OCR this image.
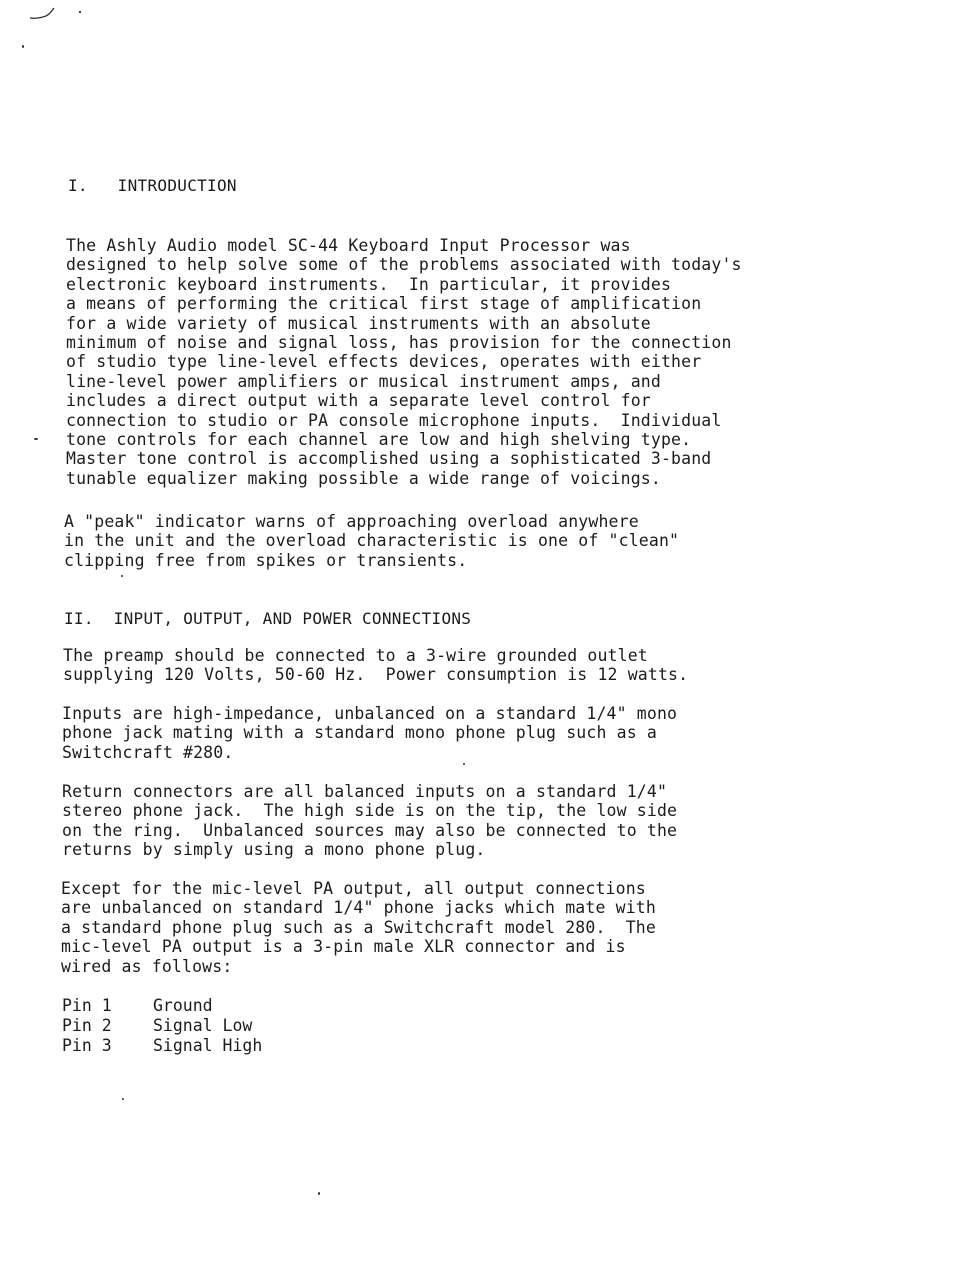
I.   INTRODUCTION

The Ashly Audio model SC-44 Keyboard Input Processor was
designed to help solve some of the problems associated with today's
electronic keyboard instruments.  In particular, it provides
a means of performing the critical first stage of amplification
for a wide variety of musical instruments with an absolute
minimum of noise and signal loss, has provision for the connection
of studio type line-level effects devices, operates with either
line-level power amplifiers or musical instrument amps, and
includes a direct output with a separate level control for
connection to studio or PA console microphone inputs.  Individual
tone controls for each channel are low and high shelving type.
Master tone control is accomplished using a sophisticated 3-band
tunable equalizer making possible a wide range of voicings.

A "peak" indicator warns of approaching overload anywhere
in the unit and the overload characteristic is one of "clean"
clipping free from spikes or transients.

II.  INPUT, OUTPUT, AND POWER CONNECTIONS

The preamp should be connected to a 3-wire grounded outlet
supplying 120 Volts, 50-60 Hz.  Power consumption is 12 watts.

Inputs are high-impedance, unbalanced on a standard 1/4" mono
phone jack mating with a standard mono phone plug such as a
Switchcraft #280.

Return connectors are all balanced inputs on a standard 1/4"
stereo phone jack.  The high side is on the tip, the low side
on the ring.  Unbalanced sources may also be connected to the
returns by simply using a mono phone plug.

Except for the mic-level PA output, all output connections
are unbalanced on standard 1/4" phone jacks which mate with
a standard phone plug such as a Switchcraft model 280.  The
mic-level PA output is a 3-pin male XLR connector and is
wired as follows:

Pin 1	Ground
Pin 2	Signal Low
Pin 3	Signal High
